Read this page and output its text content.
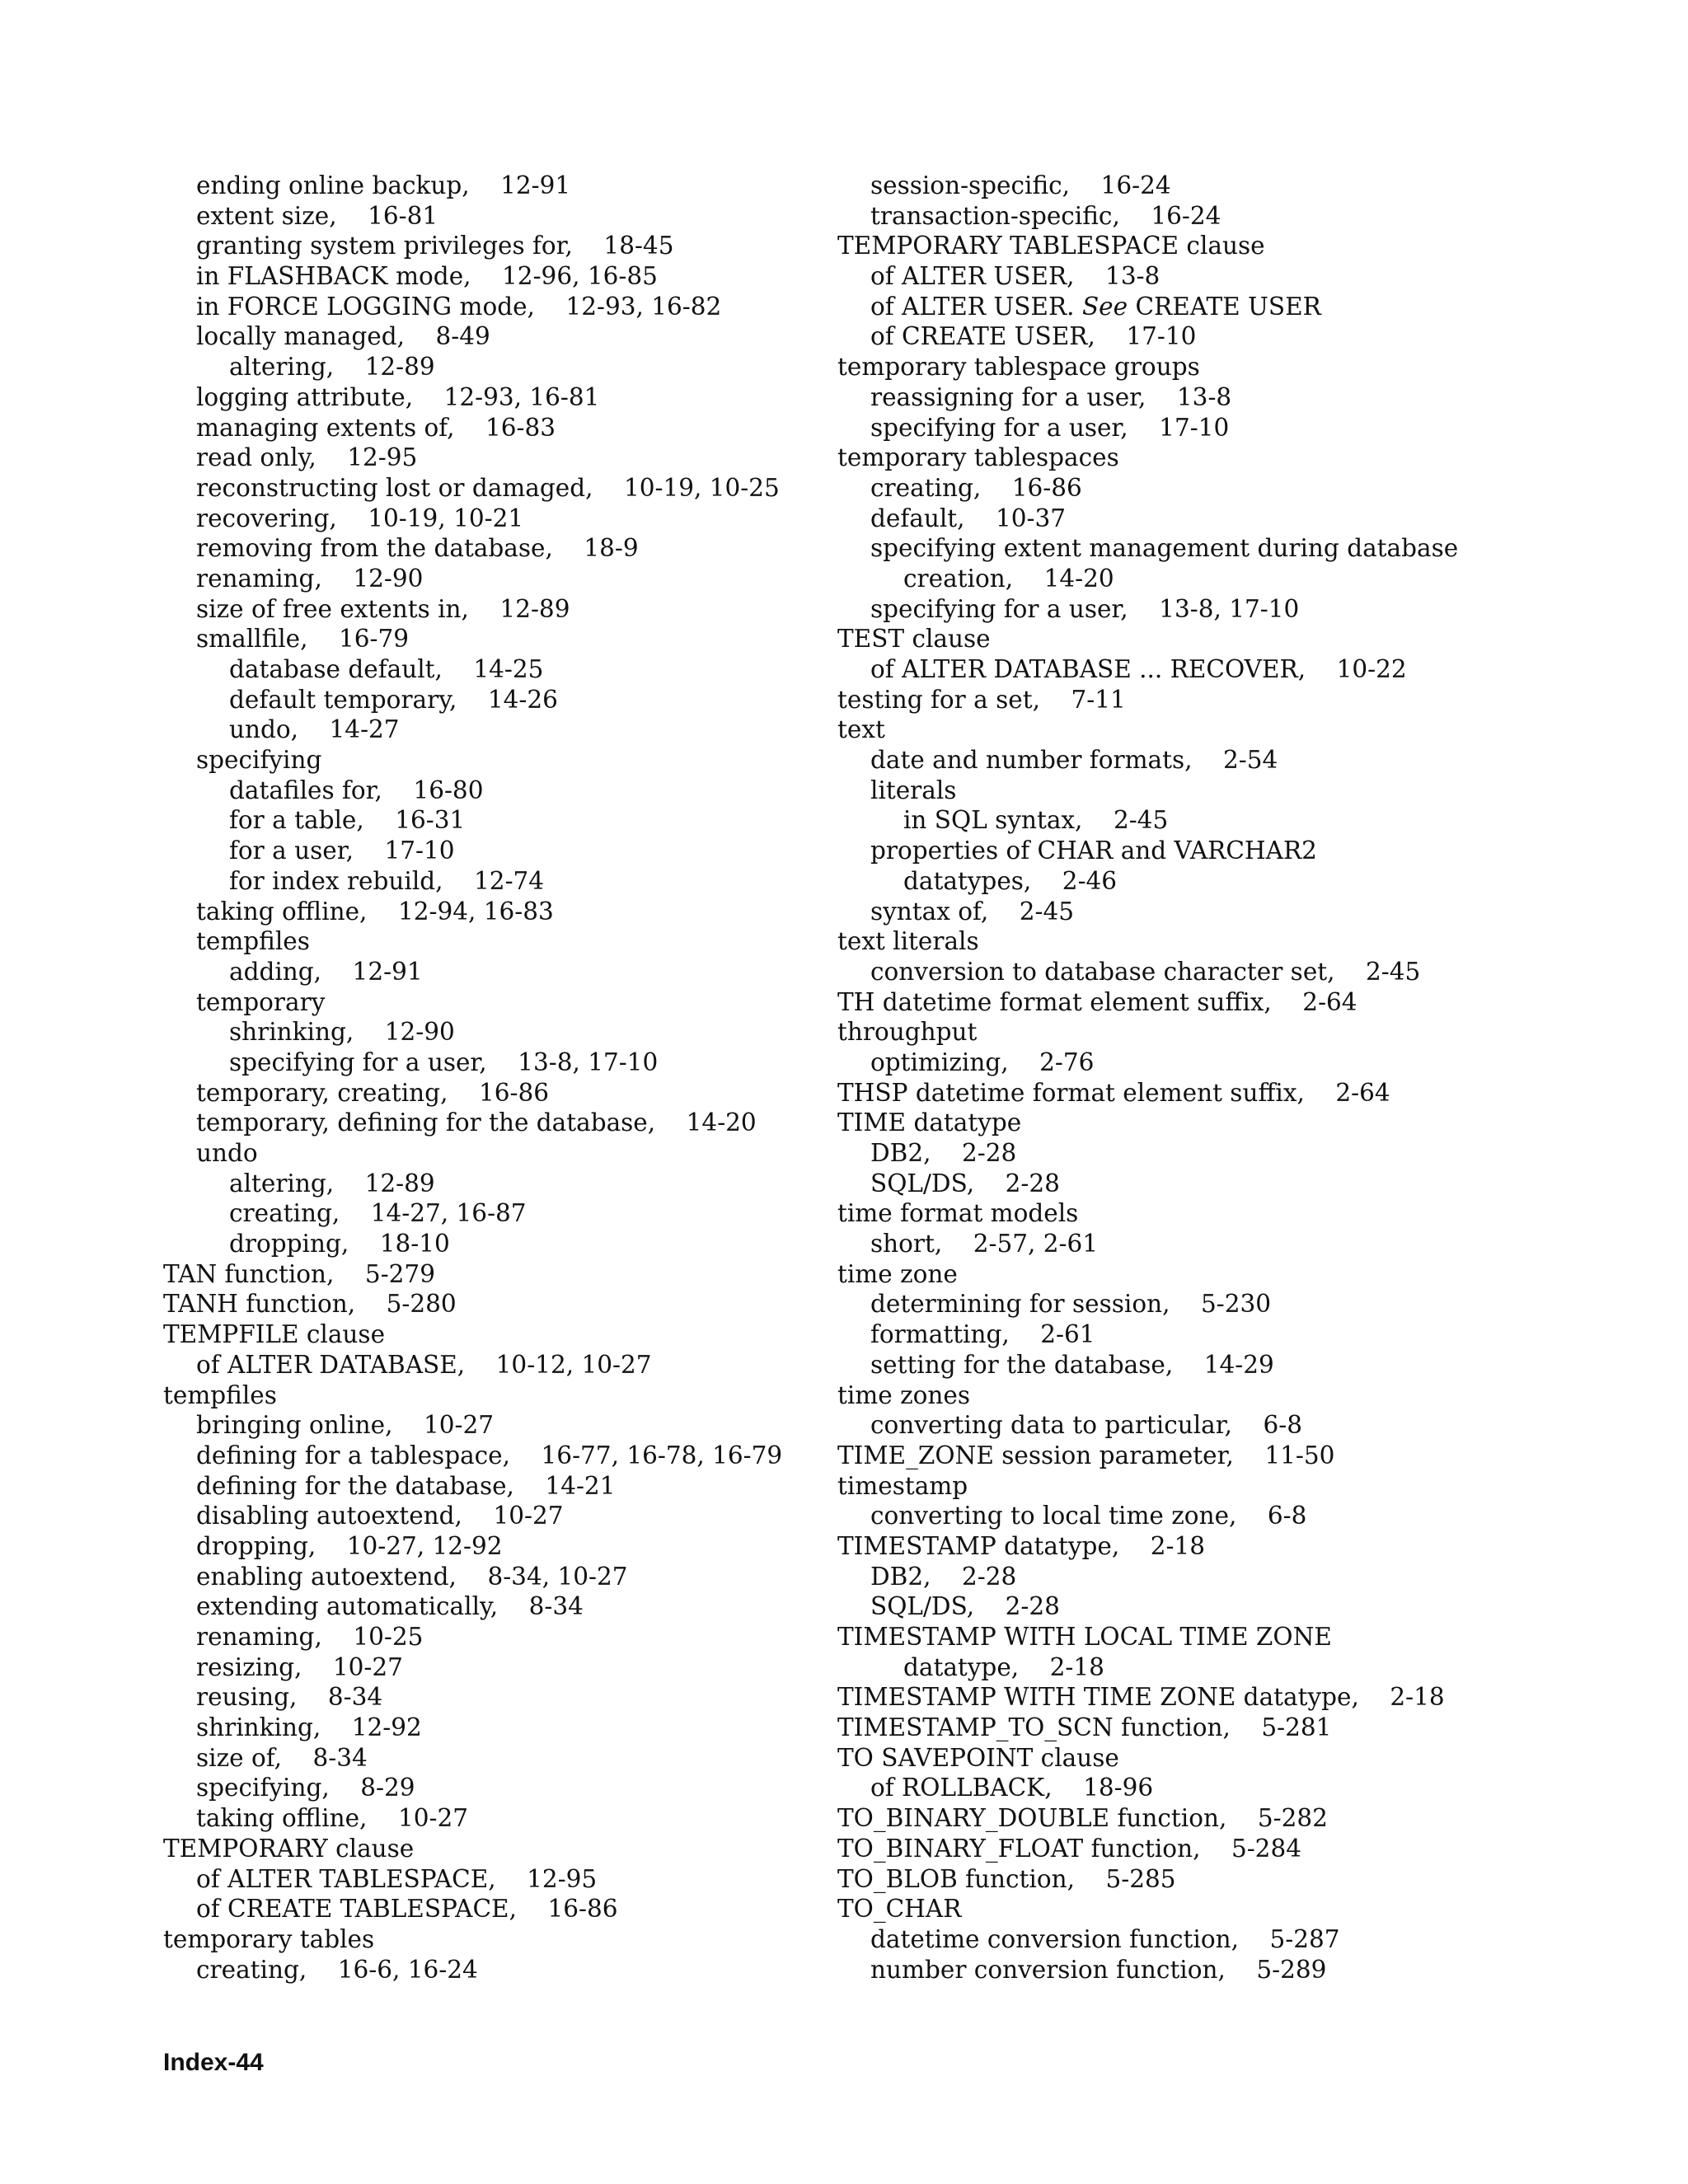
ending online backup,    12-91
extent size,    16-81
granting system privileges for,    18-45
in FLASHBACK mode,    12-96, 16-85
in FORCE LOGGING mode,    12-93, 16-82
locally managed,    8-49
altering,    12-89
logging attribute,    12-93, 16-81
managing extents of,    16-83
read only,    12-95
reconstructing lost or damaged,    10-19, 10-25
recovering,    10-19, 10-21
removing from the database,    18-9
renaming,    12-90
size of free extents in,    12-89
smallfile,    16-79
database default,    14-25
default temporary,    14-26
undo,    14-27
specifying
datafiles for,    16-80
for a table,    16-31
for a user,    17-10
for index rebuild,    12-74
taking offline,    12-94, 16-83
tempfiles
adding,    12-91
temporary
shrinking,    12-90
specifying for a user,    13-8, 17-10
temporary, creating,    16-86
temporary, defining for the database,    14-20
undo
altering,    12-89
creating,    14-27, 16-87
dropping,    18-10
TAN function,    5-279
TANH function,    5-280
TEMPFILE clause
of ALTER DATABASE,    10-12, 10-27
tempfiles
bringing online,    10-27
defining for a tablespace,    16-77, 16-78, 16-79
defining for the database,    14-21
disabling autoextend,    10-27
dropping,    10-27, 12-92
enabling autoextend,    8-34, 10-27
extending automatically,    8-34
renaming,    10-25
resizing,    10-27
reusing,    8-34
shrinking,    12-92
size of,    8-34
specifying,    8-29
taking offline,    10-27
TEMPORARY clause
of ALTER TABLESPACE,    12-95
of CREATE TABLESPACE,    16-86
temporary tables
creating,    16-6, 16-24
session-specific,    16-24
transaction-specific,    16-24
TEMPORARY TABLESPACE clause
of ALTER USER,    13-8
of ALTER USER. See CREATE USER
of CREATE USER,    17-10
temporary tablespace groups
reassigning for a user,    13-8
specifying for a user,    17-10
temporary tablespaces
creating,    16-86
default,    10-37
specifying extent management during database
creation,    14-20
specifying for a user,    13-8, 17-10
TEST clause
of ALTER DATABASE ... RECOVER,    10-22
testing for a set,    7-11
text
date and number formats,    2-54
literals
in SQL syntax,    2-45
properties of CHAR and VARCHAR2
datatypes,    2-46
syntax of,    2-45
text literals
conversion to database character set,    2-45
TH datetime format element suffix,    2-64
throughput
optimizing,    2-76
THSP datetime format element suffix,    2-64
TIME datatype
DB2,    2-28
SQL/DS,    2-28
time format models
short,    2-57, 2-61
time zone
determining for session,    5-230
formatting,    2-61
setting for the database,    14-29
time zones
converting data to particular,    6-8
TIME_ZONE session parameter,    11-50
timestamp
converting to local time zone,    6-8
TIMESTAMP datatype,    2-18
DB2,    2-28
SQL/DS,    2-28
TIMESTAMP WITH LOCAL TIME ZONE
datatype,    2-18
TIMESTAMP WITH TIME ZONE datatype,    2-18
TIMESTAMP_TO_SCN function,    5-281
TO SAVEPOINT clause
of ROLLBACK,    18-96
TO_BINARY_DOUBLE function,    5-282
TO_BINARY_FLOAT function,    5-284
TO_BLOB function,    5-285
TO_CHAR
datetime conversion function,    5-287
number conversion function,    5-289
Index-44
